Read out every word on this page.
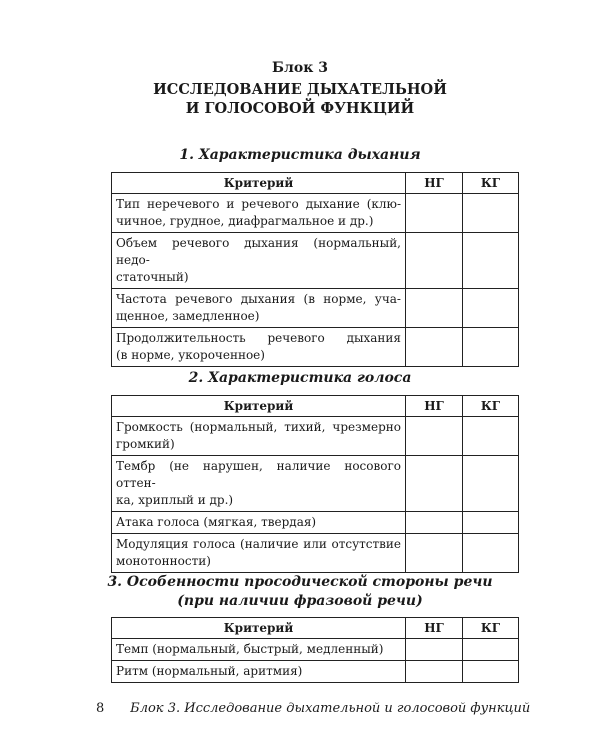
Блок 3
ИССЛЕДОВАНИЕ ДЫХАТЕЛЬНОЙ
И ГОЛОСОВОЙ ФУНКЦИЙ
1. Характеристика дыхания
Критерий	НГ	КГ

Тип неречевого и речевого дыхание (клю-
чичное, грудное, диафрагмальное и др.)		

Объем речевого дыхания (нормальный, недо-
статочный)		

Частота речевого дыхания (в норме, уча-
щенное, замедленное)		

Продолжительность речевого дыхания
(в норме, укороченное)		

2. Характеристика голоса
Критерий	НГ	КГ

Громкость (нормальный, тихий, чрезмерно
громкий)		

Тембр (не нарушен, наличие носового оттен-
ка, хриплый и др.)		

Атака голоса (мягкая, твердая)		

Модуляция голоса (наличие или отсутствие
монотонности)		

3. Особенности просодической стороны речи
(при наличии фразовой речи)
Критерий	НГ	КГ

Темп (нормальный, быстрый, медленный)		

Ритм (нормальный, аритмия)		

8 Блок 3. Исследование дыхательной и голосовой функций
